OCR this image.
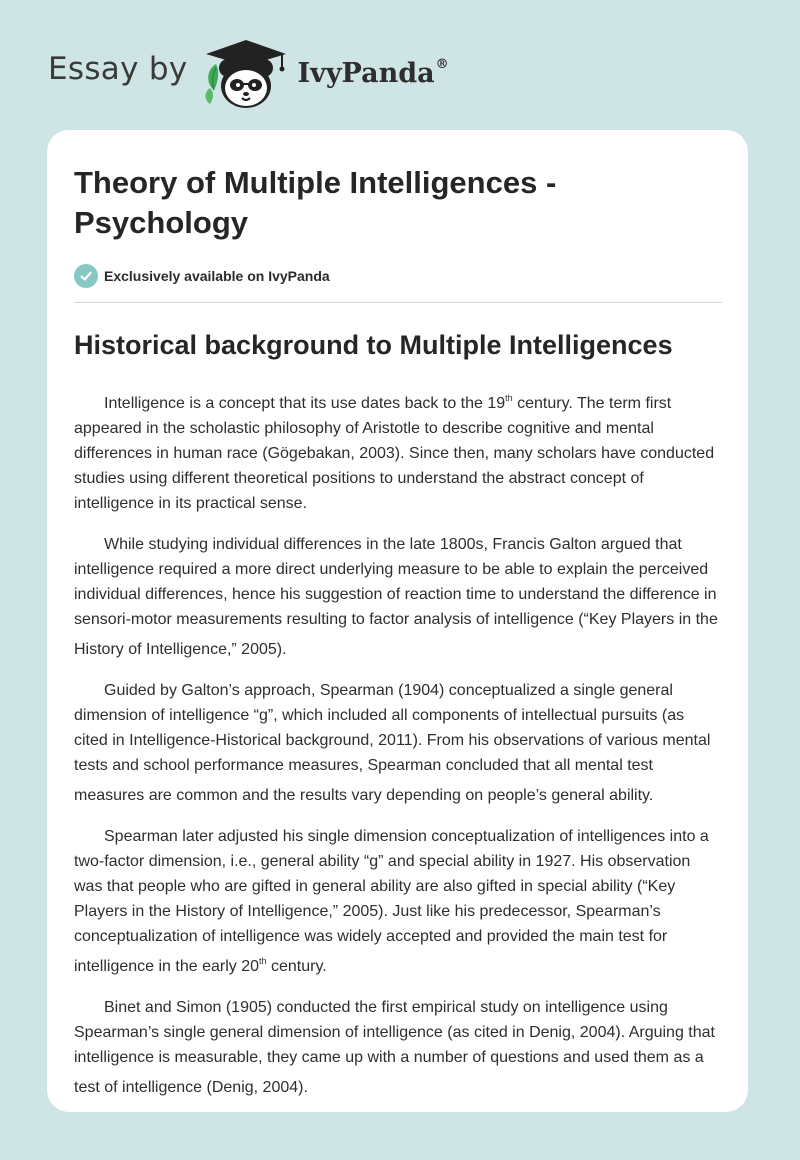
Essay by	IvyPanda®
Theory of Multiple Intelligences - Psychology
Exclusively available on IvyPanda
Historical background to Multiple Intelligences

Intelligence is a concept that its use dates back to the 19th century. The term first appeared in the scholastic philosophy of Aristotle to describe cognitive and mental differences in human race (Gögebakan, 2003). Since then, many scholars have conducted studies using different theoretical positions to understand the abstract concept of intelligence in its practical sense.

While studying individual differences in the late 1800s, Francis Galton argued that intelligence required a more direct underlying measure to be able to explain the perceived individual differences, hence his suggestion of reaction time to understand the difference in sensori-motor measurements resulting to factor analysis of intelligence (“Key Players in the History of Intelligence,” 2005).

Guided by Galton’s approach, Spearman (1904) conceptualized a single general dimension of intelligence “g”, which included all components of intellectual pursuits (as cited in Intelligence-Historical background, 2011). From his observations of various mental tests and school performance measures, Spearman concluded that all mental test measures are common and the results vary depending on people’s general ability.

Spearman later adjusted his single dimension conceptualization of intelligences into a two-factor dimension, i.e., general ability “g” and special ability in 1927. His observation was that people who are gifted in general ability are also gifted in special ability (“Key Players in the History of Intelligence,” 2005). Just like his predecessor, Spearman’s conceptualization of intelligence was widely accepted and provided the main test for intelligence in the early 20th century.

Binet and Simon (1905) conducted the first empirical study on intelligence using Spearman’s single general dimension of intelligence (as cited in Denig, 2004). Arguing that intelligence is measurable, they came up with a number of questions and used them as a test of intelligence (Denig, 2004).
